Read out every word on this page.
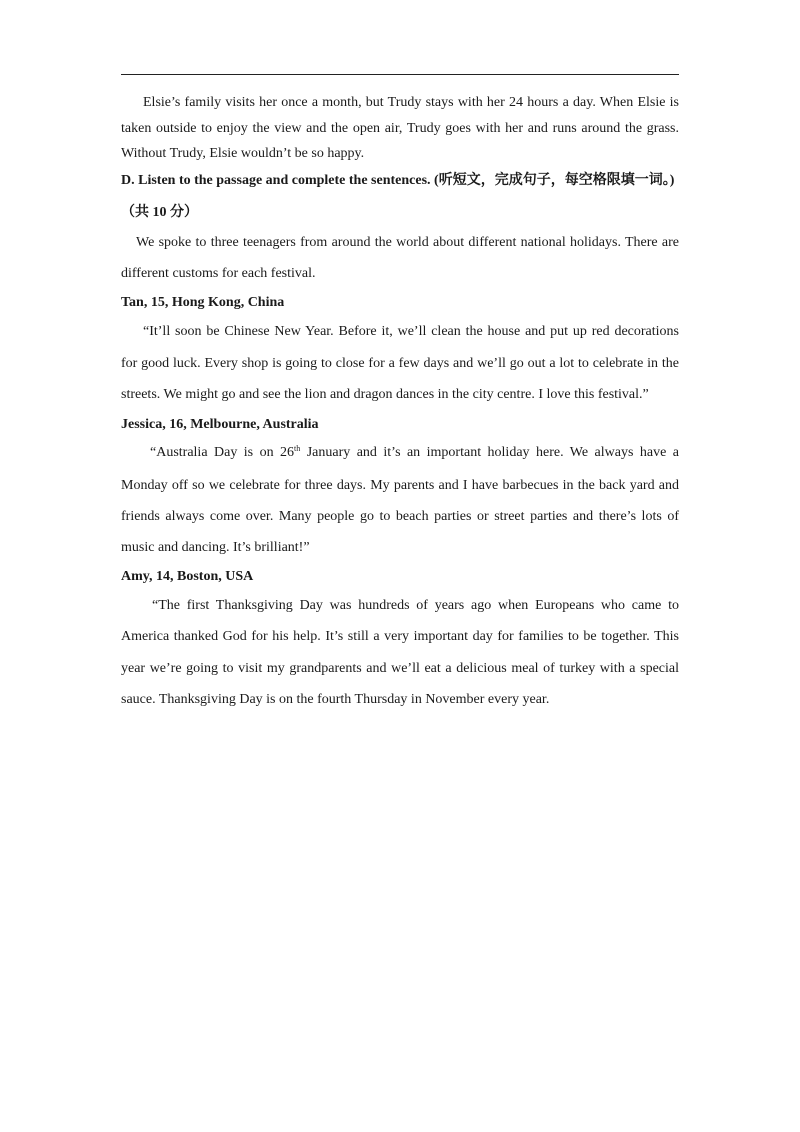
Elsie’s family visits her once a month, but Trudy stays with her 24 hours a day. When Elsie is
taken outside to enjoy the view and the open air, Trudy goes with her and runs around the grass.
Without Trudy, Elsie wouldn’t be so happy.
D. Listen to the passage and complete the sentences. (听短文，完成句子，每空格限填一词。)
（共 10 分）
We spoke to three teenagers from around the world about different national holidays. There are
different customs for each festival.
Tan, 15, Hong Kong, China
“It’ll soon be Chinese New Year. Before it, we’ll clean the house and put up red decorations
for good luck. Every shop is going to close for a few days and we’ll go out a lot to celebrate in the
streets. We might go and see the lion and dragon dances in the city centre. I love this festival.”
Jessica, 16, Melbourne, Australia
“Australia Day is on 26th January and it’s an important holiday here. We always have a
Monday off so we celebrate for three days. My parents and I have barbecues in the back yard and
friends always come over. Many people go to beach parties or street parties and there’s lots of
music and dancing. It’s brilliant!”
Amy, 14, Boston, USA
“The first Thanksgiving Day was hundreds of years ago when Europeans who came to
America thanked God for his help. It’s still a very important day for families to be together. This
year we’re going to visit my grandparents and we’ll eat a delicious meal of turkey with a special
sauce. Thanksgiving Day is on the fourth Thursday in November every year.
